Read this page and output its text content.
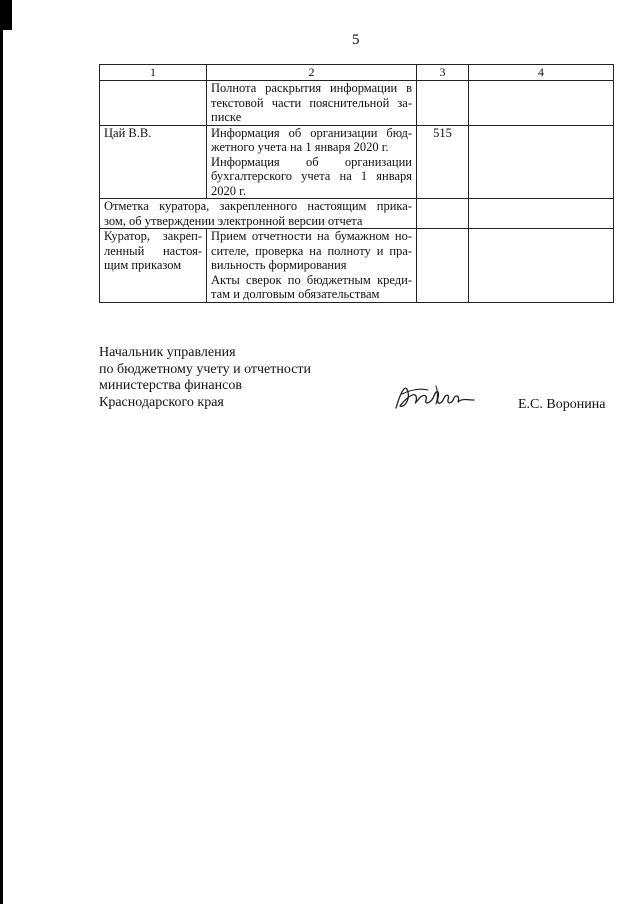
5
1	2	3	4

	Полнота раскрытия информации в
текстовой части пояснительной за-
писке		

Цай В.В.	Информация об организации бюд-
жетного учета на 1 января 2020 г.
Информация об организации
бухгалтерского учета на 1 января
2020 г.	515	

Отметка куратора, закрепленного настоящим прика-
зом, об утверждении электронной версии отчета			

Куратор, закреп-
ленный настоя-
щим приказом	Прием отчетности на бумажном но-
сителе, проверка на полноту и пра-
вильность формирования
Акты сверок по бюджетным креди-
там и долговым обязательствам		

Начальник управления
по бюджетному учету и отчетности
министерства финансов
Краснодарского края	Е.С. Воронина
